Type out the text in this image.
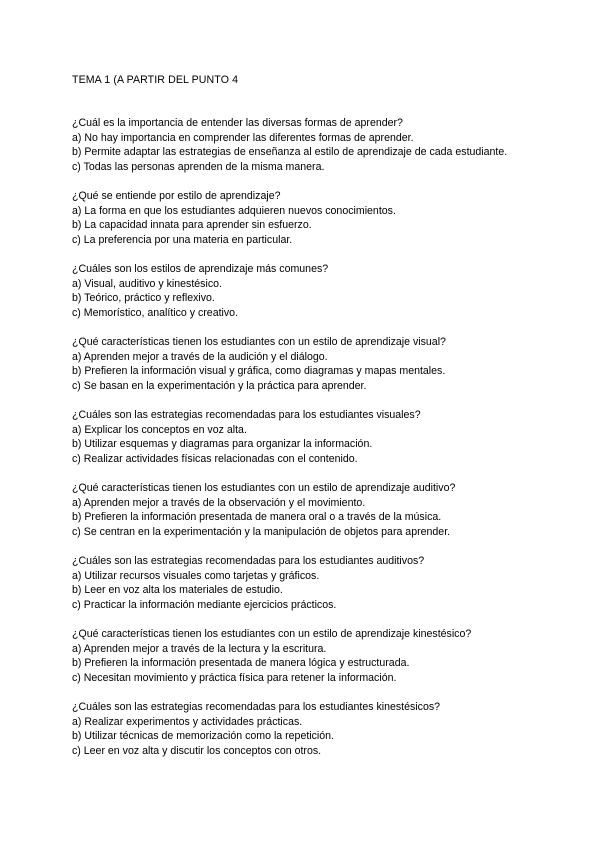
TEMA 1 (A PARTIR DEL PUNTO 4
¿Cuál es la importancia de entender las diversas formas de aprender?
a) No hay importancia en comprender las diferentes formas de aprender.
b) Permite adaptar las estrategias de enseñanza al estilo de aprendizaje de cada estudiante.
c) Todas las personas aprenden de la misma manera.
¿Qué se entiende por estilo de aprendizaje?
a) La forma en que los estudiantes adquieren nuevos conocimientos.
b) La capacidad innata para aprender sin esfuerzo.
c) La preferencia por una materia en particular.
¿Cuáles son los estilos de aprendizaje más comunes?
a) Visual, auditivo y kinestésico.
b) Teórico, práctico y reflexivo.
c) Memorístico, analítico y creativo.
¿Qué características tienen los estudiantes con un estilo de aprendizaje visual?
a) Aprenden mejor a través de la audición y el diálogo.
b) Prefieren la información visual y gráfica, como diagramas y mapas mentales.
c) Se basan en la experimentación y la práctica para aprender.
¿Cuáles son las estrategias recomendadas para los estudiantes visuales?
a) Explicar los conceptos en voz alta.
b) Utilizar esquemas y diagramas para organizar la información.
c) Realizar actividades físicas relacionadas con el contenido.
¿Qué características tienen los estudiantes con un estilo de aprendizaje auditivo?
a) Aprenden mejor a través de la observación y el movimiento.
b) Prefieren la información presentada de manera oral o a través de la música.
c) Se centran en la experimentación y la manipulación de objetos para aprender.
¿Cuáles son las estrategias recomendadas para los estudiantes auditivos?
a) Utilizar recursos visuales como tarjetas y gráficos.
b) Leer en voz alta los materiales de estudio.
c) Practicar la información mediante ejercicios prácticos.
¿Qué características tienen los estudiantes con un estilo de aprendizaje kinestésico?
a) Aprenden mejor a través de la lectura y la escritura.
b) Prefieren la información presentada de manera lógica y estructurada.
c) Necesitan movimiento y práctica física para retener la información.
¿Cuáles son las estrategias recomendadas para los estudiantes kinestésicos?
a) Realizar experimentos y actividades prácticas.
b) Utilizar técnicas de memorización como la repetición.
c) Leer en voz alta y discutir los conceptos con otros.
